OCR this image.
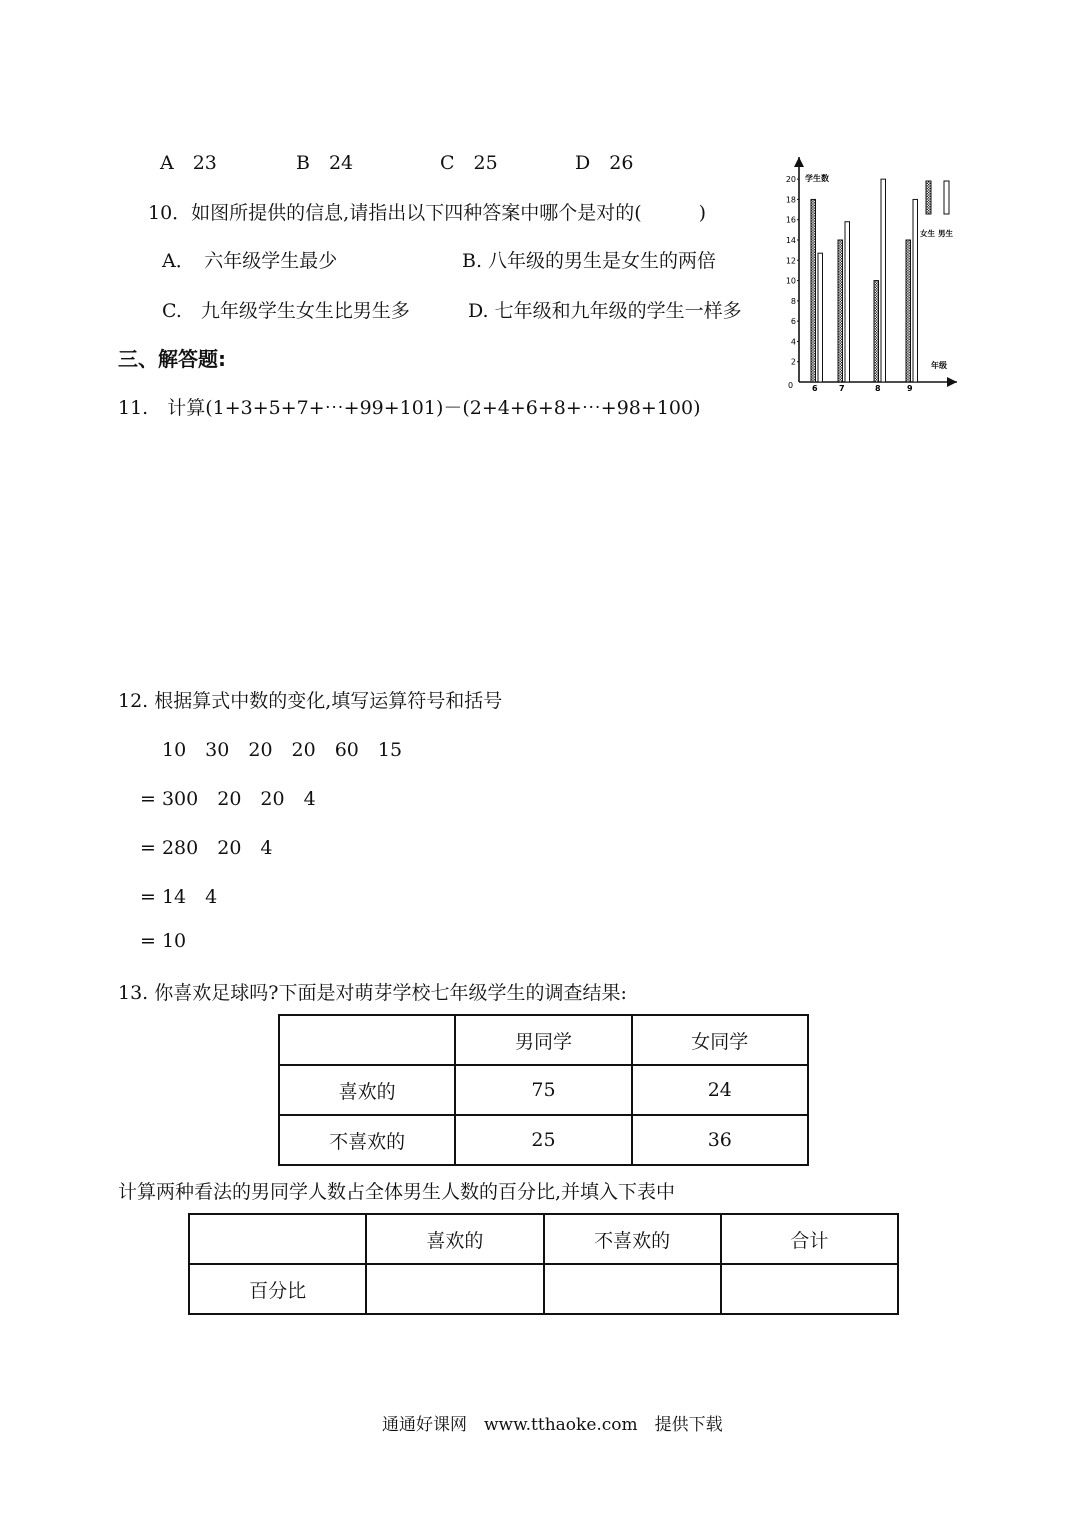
A　23	B　24	C　25	D　26
10．如图所提供的信息,请指出以下四种答案中哪个是对的(　　　)
A．　六年级学生最少	B. 八年级的男生是女生的两倍
C.　九年级学生女生比男生多	D. 七年级和九年级的学生一样多
三、解答题:
11.　计算(1+3+5+7+⋯+99+101)－(2+4+6+8+⋯+98+100)
12. 根据算式中数的变化,填写运算符号和括号
10　30　20　20　60　15
= 300　20　20　4
= 280　20　4
= 14　4
= 10
13. 你喜欢足球吗?下面是对萌芽学校七年级学生的调查结果:
	男同学	女同学
喜欢的	75	24
不喜欢的	25	36
计算两种看法的男同学人数占全体男生人数的百分比,并填入下表中
	喜欢的	不喜欢的	合计
百分比			
2
4
6
8
10
12
14
16
18
20
0
学生数
年级
6	7	8	9
女生 男生
通通好课网　www.tthaoke.com　提供下载
